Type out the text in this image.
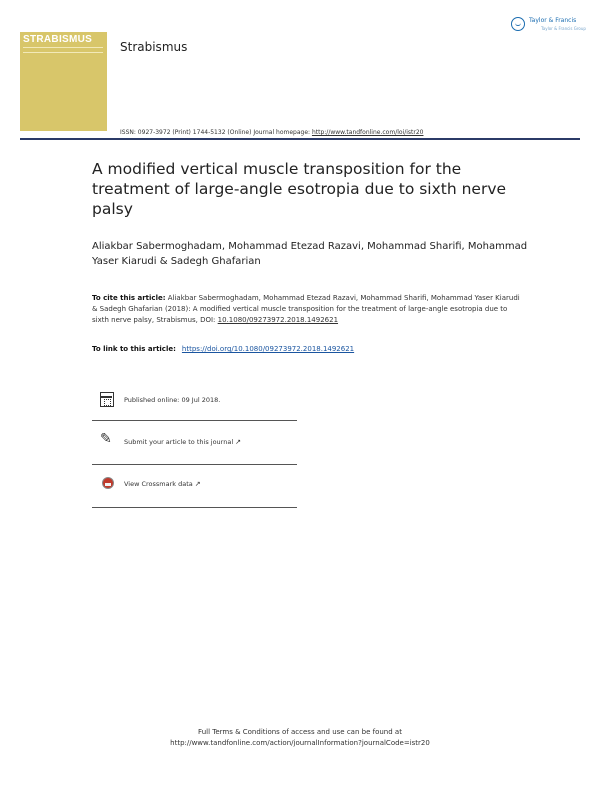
STRABISMUS
Strabismus
Taylor & Francis
Taylor & Francis Group
ISSN: 0927-3972 (Print) 1744-5132 (Online) Journal homepage: http://www.tandfonline.com/loi/istr20
A modified vertical muscle transposition for the treatment of large-angle esotropia due to sixth nerve palsy
Aliakbar Sabermoghadam, Mohammad Etezad Razavi, Mohammad Sharifi, Mohammad Yaser Kiarudi & Sadegh Ghafarian
To cite this article: Aliakbar Sabermoghadam, Mohammad Etezad Razavi, Mohammad Sharifi, Mohammad Yaser Kiarudi & Sadegh Ghafarian (2018): A modified vertical muscle transposition for the treatment of large-angle esotropia due to sixth nerve palsy, Strabismus, DOI: 10.1080/09273972.2018.1492621
To link to this article: https://doi.org/10.1080/09273972.2018.1492621
Published online: 09 Jul 2018.
✎	Submit your article to this journal ↗
View Crossmark data ↗
Full Terms & Conditions of access and use can be found at
http://www.tandfonline.com/action/journalInformation?journalCode=istr20
